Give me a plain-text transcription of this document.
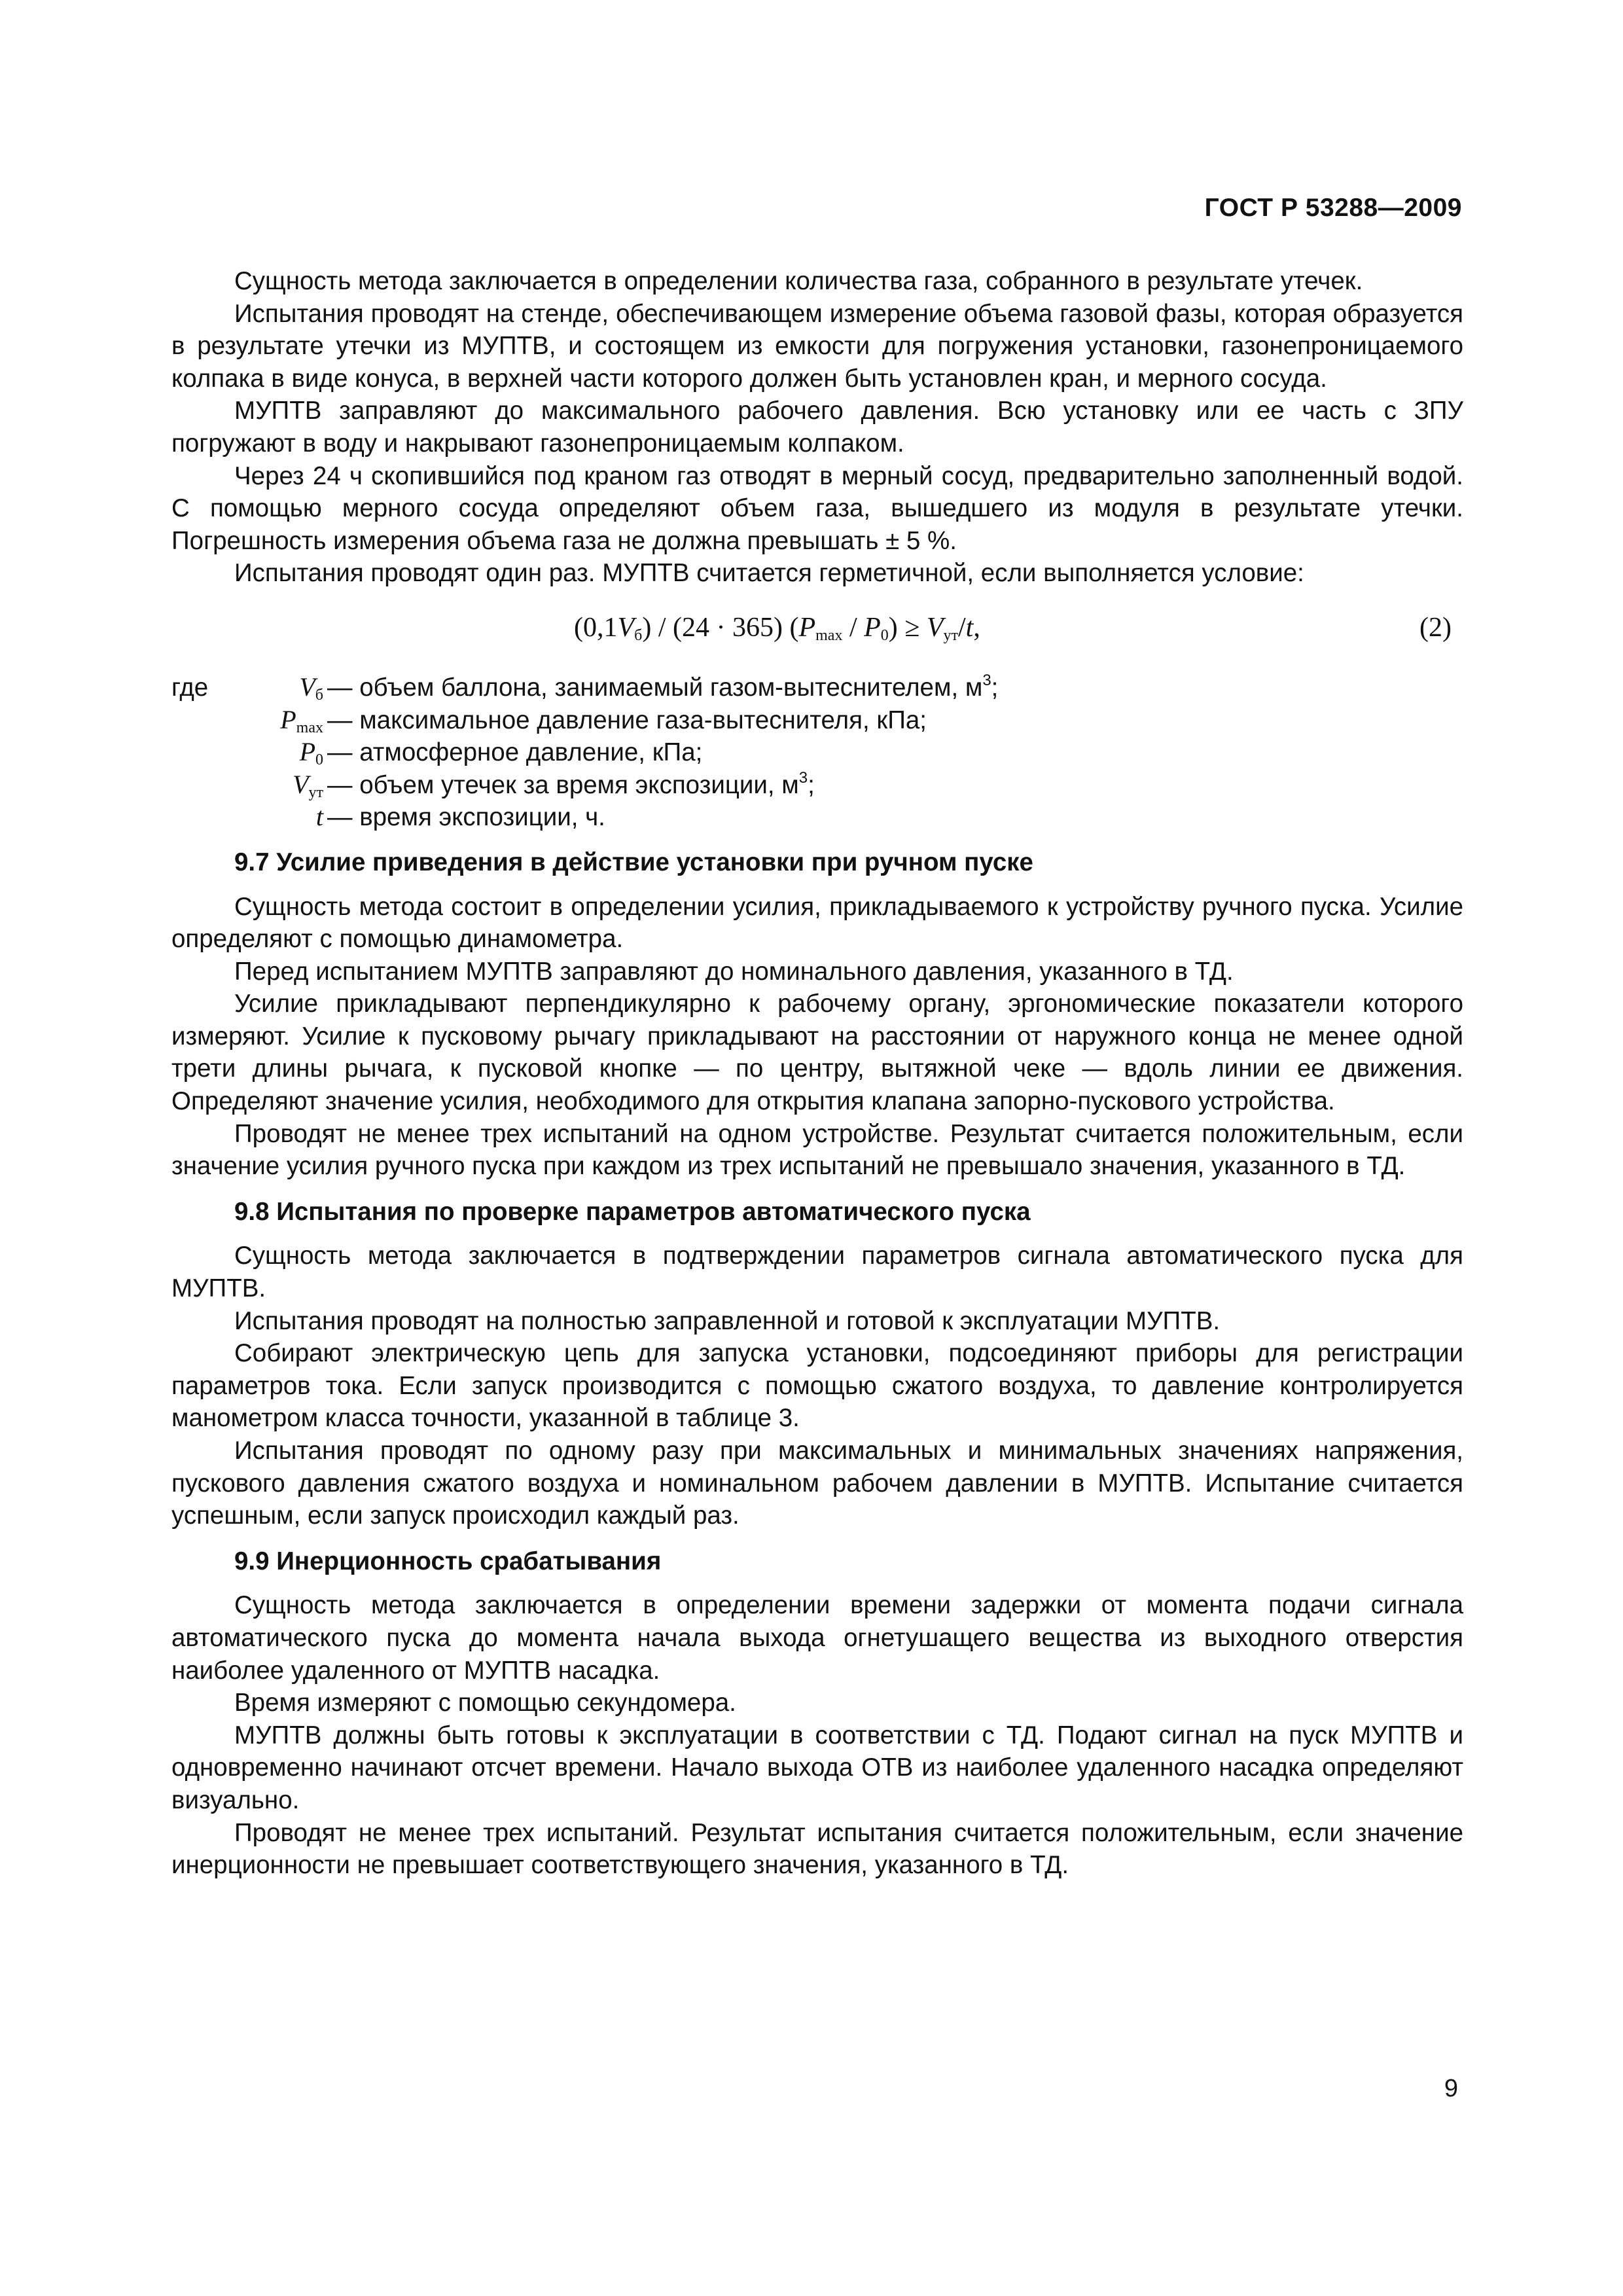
ГОСТ Р 53288—2009

Сущность метода заключается в определении количества газа, собранного в результате утечек.

Испытания проводят на стенде, обеспечивающем измерение объема газовой фазы, которая образуется в результате утечки из МУПТВ, и состоящем из емкости для погружения установки, газонепроницаемого колпака в виде конуса, в верхней части которого должен быть установлен кран, и мерного сосуда.

МУПТВ заправляют до максимального рабочего давления. Всю установку или ее часть с ЗПУ погружают в воду и накрывают газонепроницаемым колпаком.

Через 24 ч скопившийся под краном газ отводят в мерный сосуд, предварительно заполненный водой. С помощью мерного сосуда определяют объем газа, вышедшего из модуля в результате утечки. Погрешность измерения объема газа не должна превышать ± 5 %.

Испытания проводят один раз. МУПТВ считается герметичной, если выполняется условие:

$(0,1V_б) / (24 \cdot 365)$ $(P_{max} / P_0) \ge V_{ут}/t$,	(2)
где	$V_б$ — объем баллона, занимаемый газом-вытеснителем, $м^3$;
$P_{max}$ — максимальное давление газа-вытеснителя, кПа;
$P_0$ — атмосферное давление, кПа;
$V_{ут}$ — объем утечек за время экспозиции, $м^3$;
t — время экспозиции, ч.

9.7 Усилие приведения в действие установки при ручном пуске

Сущность метода состоит в определении усилия, прикладываемого к устройству ручного пуска. Усилие определяют с помощью динамометра.

Перед испытанием МУПТВ заправляют до номинального давления, указанного в ТД.

Усилие прикладывают перпендикулярно к рабочему органу, эргономические показатели которого измеряют. Усилие к пусковому рычагу прикладывают на расстоянии от наружного конца не менее одной трети длины рычага, к пусковой кнопке — по центру, вытяжной чеке — вдоль линии ее движения. Определяют значение усилия, необходимого для открытия клапана запорно-пускового устройства.

Проводят не менее трех испытаний на одном устройстве. Результат считается положительным, если значение усилия ручного пуска при каждом из трех испытаний не превышало значения, указанного в ТД.

9.8 Испытания по проверке параметров автоматического пуска

Сущность метода заключается в подтверждении параметров сигнала автоматического пуска для МУПТВ.

Испытания проводят на полностью заправленной и готовой к эксплуатации МУПТВ.

Собирают электрическую цепь для запуска установки, подсоединяют приборы для регистрации параметров тока. Если запуск производится с помощью сжатого воздуха, то давление контролируется манометром класса точности, указанной в таблице 3.

Испытания проводят по одному разу при максимальных и минимальных значениях напряжения, пускового давления сжатого воздуха и номинальном рабочем давлении в МУПТВ. Испытание считается успешным, если запуск происходил каждый раз.

9.9 Инерционность срабатывания

Сущность метода заключается в определении времени задержки от момента подачи сигнала автоматического пуска до момента начала выхода огнетушащего вещества из выходного отверстия наиболее удаленного от МУПТВ насадка.

Время измеряют с помощью секундомера.

МУПТВ должны быть готовы к эксплуатации в соответствии с ТД. Подают сигнал на пуск МУПТВ и одновременно начинают отсчет времени. Начало выхода ОТВ из наиболее удаленного насадка определяют визуально.

Проводят не менее трех испытаний. Результат испытания считается положительным, если значение инерционности не превышает соответствующего значения, указанного в ТД.

9
